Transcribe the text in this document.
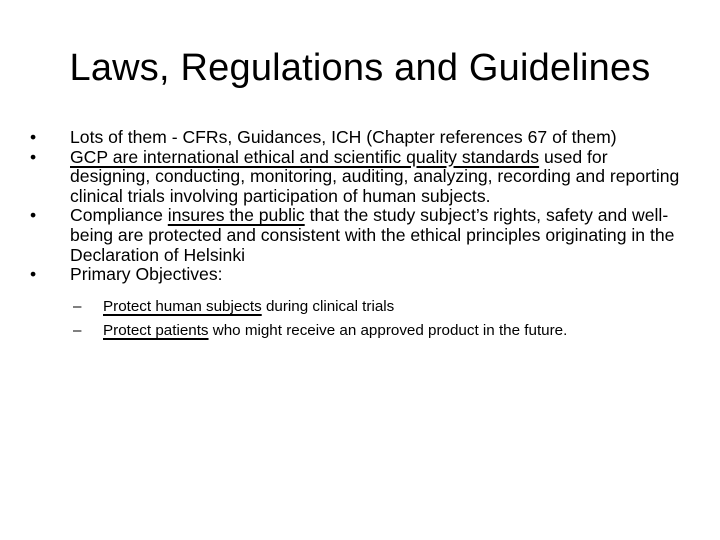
Laws, Regulations and Guidelines
•	Lots of them - CFRs, Guidances, ICH (Chapter references 67 of them)
•	GCP are international ethical and scientific quality standards used for designing, conducting, monitoring, auditing, analyzing, recording and reporting clinical trials involving participation of human subjects.
•	Compliance insures the public that the study subject’s rights, safety and well-being are protected and consistent with the ethical principles originating in the Declaration of Helsinki
•	Primary Objectives:
– Protect human subjects during clinical trials
– Protect patients who might receive an approved product in the future.
